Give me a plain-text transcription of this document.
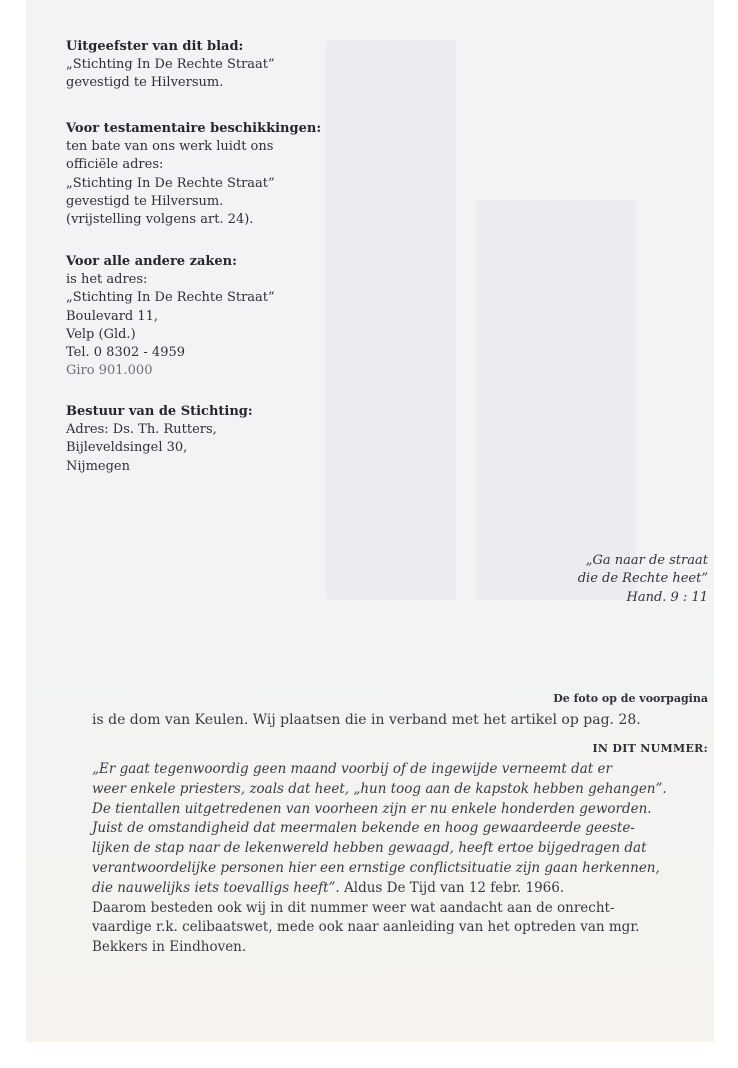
Uitgeefster van dit blad:
„Stichting In De Rechte Straat”
gevestigd te Hilversum.
Voor testamentaire beschikkingen:
ten bate van ons werk luidt ons
officiële adres:
„Stichting In De Rechte Straat”
gevestigd te Hilversum.
(vrijstelling volgens art. 24).
Voor alle andere zaken:
is het adres:
„Stichting In De Rechte Straat”
Boulevard 11,
Velp (Gld.)
Tel. 0 8302 - 4959
Giro 901.000
Bestuur van de Stichting:
Adres: Ds. Th. Rutters,
Bijleveldsingel 30,
Nijmegen
„Ga naar de straat
die de Rechte heet”
Hand. 9 : 11
De foto op de voorpagina
is de dom van Keulen. Wij plaatsen die in verband met het artikel op pag. 28.
IN DIT NUMMER:
„Er gaat tegenwoordig geen maand voorbij of de ingewijde verneemt dat er
weer enkele priesters, zoals dat heet, „hun toog aan de kapstok hebben gehangen”.
De tientallen uitgetredenen van voorheen zijn er nu enkele honderden geworden.
Juist de omstandigheid dat meermalen bekende en hoog gewaardeerde geeste-
lijken de stap naar de lekenwereld hebben gewaagd, heeft ertoe bijgedragen dat
verantwoordelijke personen hier een ernstige conflictsituatie zijn gaan herkennen,
die nauwelijks iets toevalligs heeft”. Aldus De Tijd van 12 febr. 1966.
Daarom besteden ook wij in dit nummer weer wat aandacht aan de onrecht-
vaardige r.k. celibaatswet, mede ook naar aanleiding van het optreden van mgr.
Bekkers in Eindhoven.
